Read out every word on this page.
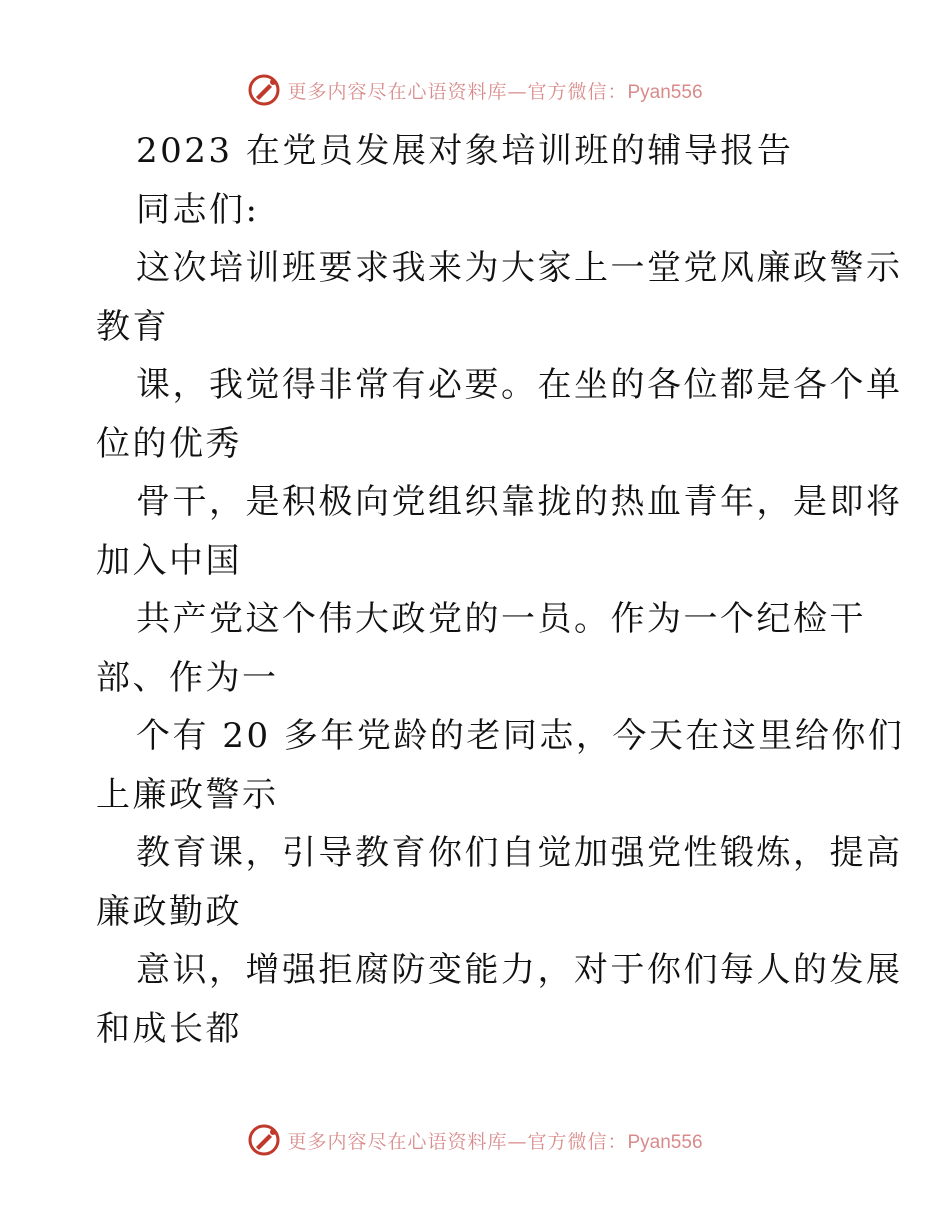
更多内容尽在心语资料库—官方微信：Pyan556
2023 在党员发展对象培训班的辅导报告
同志们:
这次培训班要求我来为大家上一堂党风廉政警示
教育
课，我觉得非常有必要。在坐的各位都是各个单
位的优秀
骨干，是积极向党组织靠拢的热血青年，是即将
加入中国
共产党这个伟大政党的一员。作为一个纪检干
部、作为一
个有 20 多年党龄的老同志，今天在这里给你们
上廉政警示
教育课，引导教育你们自觉加强党性锻炼，提高
廉政勤政
意识，增强拒腐防变能力，对于你们每人的发展
和成长都
更多内容尽在心语资料库—官方微信：Pyan556
